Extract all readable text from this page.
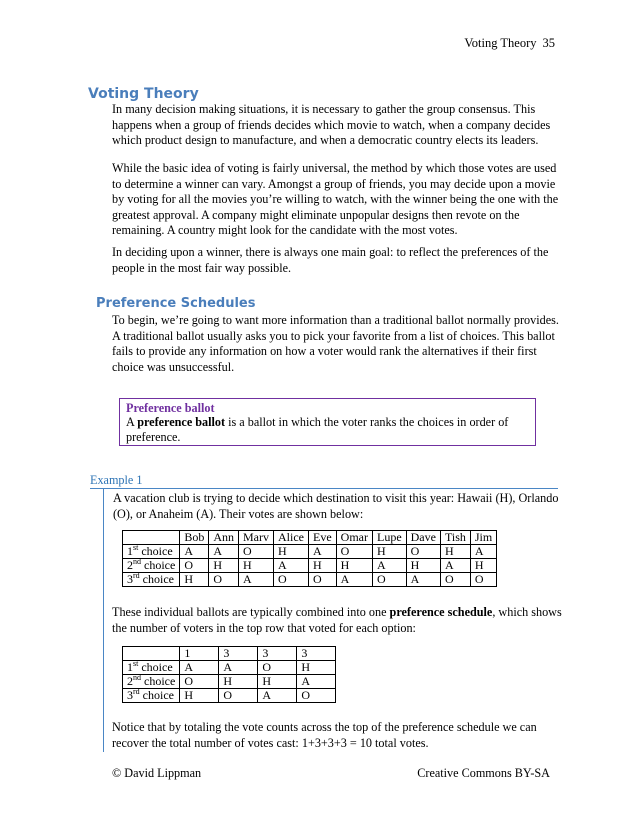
Voting Theory 35
Voting Theory
In many decision making situations, it is necessary to gather the group consensus. This happens when a group of friends decides which movie to watch, when a company decides which product design to manufacture, and when a democratic country elects its leaders.
While the basic idea of voting is fairly universal, the method by which those votes are used to determine a winner can vary. Amongst a group of friends, you may decide upon a movie by voting for all the movies you’re willing to watch, with the winner being the one with the greatest approval. A company might eliminate unpopular designs then revote on the remaining. A country might look for the candidate with the most votes.
In deciding upon a winner, there is always one main goal: to reflect the preferences of the people in the most fair way possible.
Preference Schedules
To begin, we’re going to want more information than a traditional ballot normally provides. A traditional ballot usually asks you to pick your favorite from a list of choices. This ballot fails to provide any information on how a voter would rank the alternatives if their first choice was unsuccessful.
Preference ballot
A preference ballot is a ballot in which the voter ranks the choices in order of preference.
Example 1
A vacation club is trying to decide which destination to visit this year: Hawaii (H), Orlando (O), or Anaheim (A). Their votes are shown below:
	Bob	Ann	Marv	Alice	Eve	Omar	Lupe	Dave	Tish	Jim
1st choice	A	A	O	H	A	O	H	O	H	A
2nd choice	O	H	H	A	H	H	A	H	A	H
3rd choice	H	O	A	O	O	A	O	A	O	O
These individual ballots are typically combined into one preference schedule, which shows the number of voters in the top row that voted for each option:
	1	3	3	3
1st choice	A	A	O	H
2nd choice	O	H	H	A
3rd choice	H	O	A	O
Notice that by totaling the vote counts across the top of the preference schedule we can recover the total number of votes cast: 1+3+3+3 = 10 total votes.
© David Lippman	Creative Commons BY-SA
